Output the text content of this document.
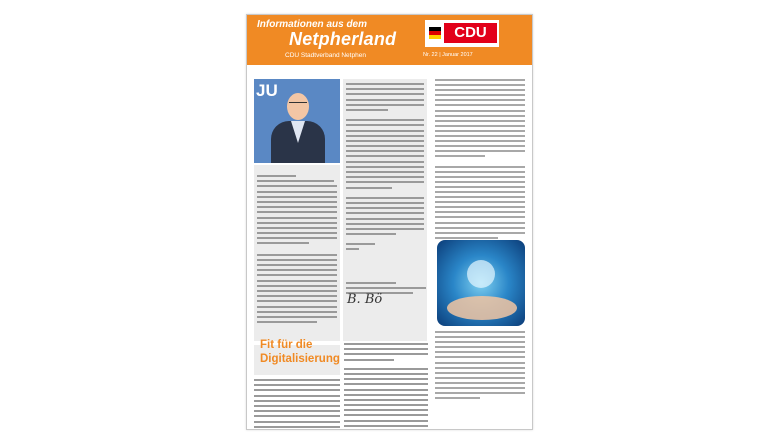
Informationen aus dem
Netpherland
CDU Stadtverband Netphen	Nr. 22 | Januar 2017
CDU
JU
B. Bö
Fit für die
Digitalisierung
